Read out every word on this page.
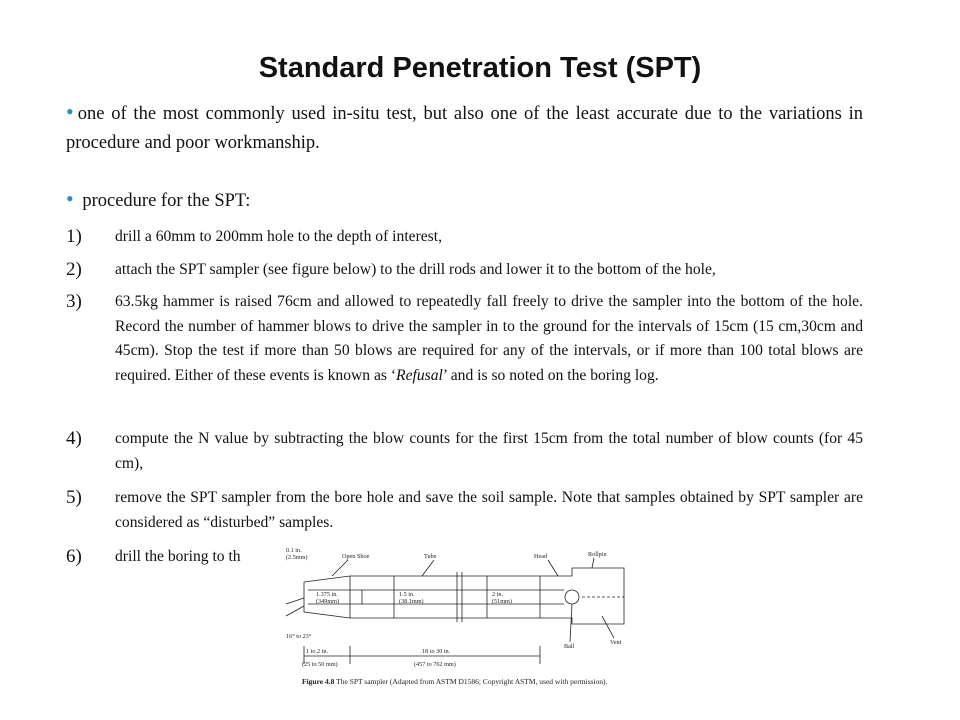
Standard Penetration Test (SPT)
• one of the most commonly used in-situ test, but also one of the least accurate due to the variations in procedure and poor workmanship.
• procedure for the SPT:
1)	drill a 60mm to 200mm hole to the depth of interest,
2)	attach the SPT sampler (see figure below) to the drill rods and lower it to the bottom of the hole,
3)	63.5kg hammer is raised 76cm and allowed to repeatedly fall freely to drive the sampler into the bottom of the hole. Record the number of hammer blows to drive the sampler in to the ground for the intervals of 15cm (15 cm,30cm and 45cm). Stop the test if more than 50 blows are required for any of the intervals, or if more than 100 total blows are required. Either of these events is known as ‘Refusal’ and is so noted on the boring log.
4)	compute the N value by subtracting the blow counts for the first 15cm from the total number of blow counts (for 45 cm),
5)	remove the SPT sampler from the bore hole and save the soil sample. Note that samples obtained by SPT sampler are considered as “disturbed” samples.
6)	drill the boring to th	0.1 in.
(2.5mm)	Open Shoe	Tube	Head	Rollpin
1.375 in.
(349mm)
1.5 in.
(38.1mm)
2 in.
(51mm)
16° to 23°
Ball
Vent
1 to 2 in.
(25 to 50 mm)
18 to 30 in.
(457 to 762 mm)
Figure 4.8 The SPT sampler (Adapted from ASTM D1586; Copyright ASTM, used with permission).
